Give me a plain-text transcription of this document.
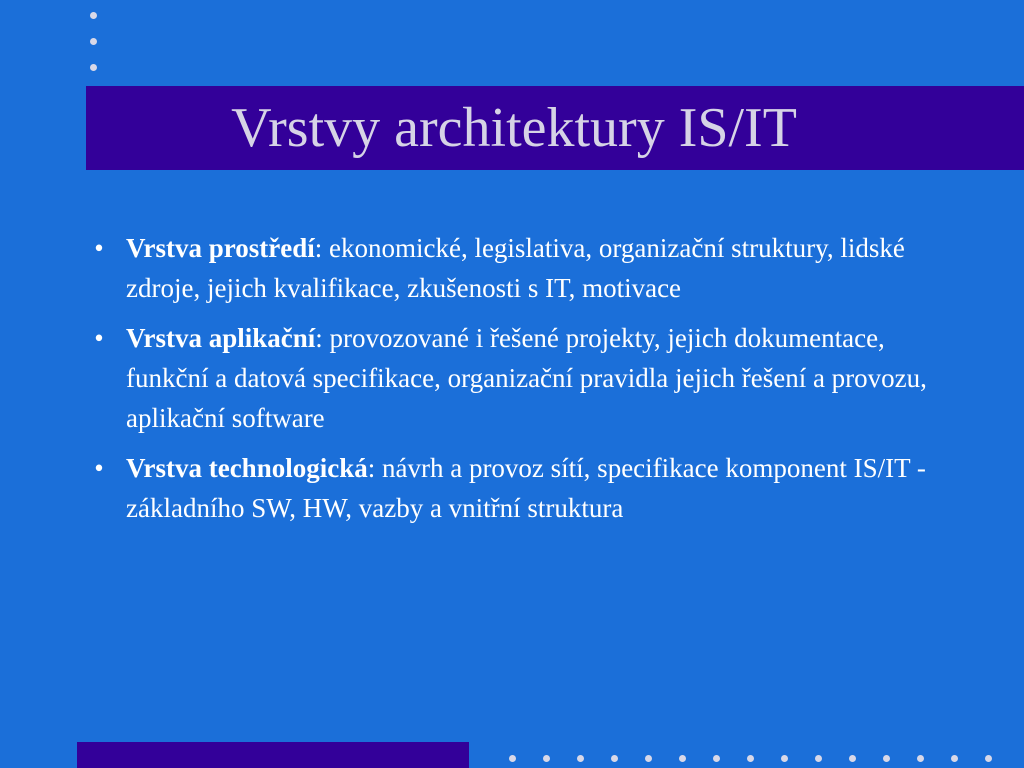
Vrstvy architektury IS/IT
• Vrstva prostředí: ekonomické, legislativa, organizační struktury, lidské zdroje, jejich kvalifikace, zkušenosti s IT, motivace
• Vrstva aplikační: provozované i řešené projekty, jejich dokumentace, funkční a datová specifikace, organizační pravidla jejich řešení a provozu, aplikační software
• Vrstva technologická: návrh a provoz sítí, specifikace komponent IS/IT - základního SW, HW, vazby a vnitřní struktura
